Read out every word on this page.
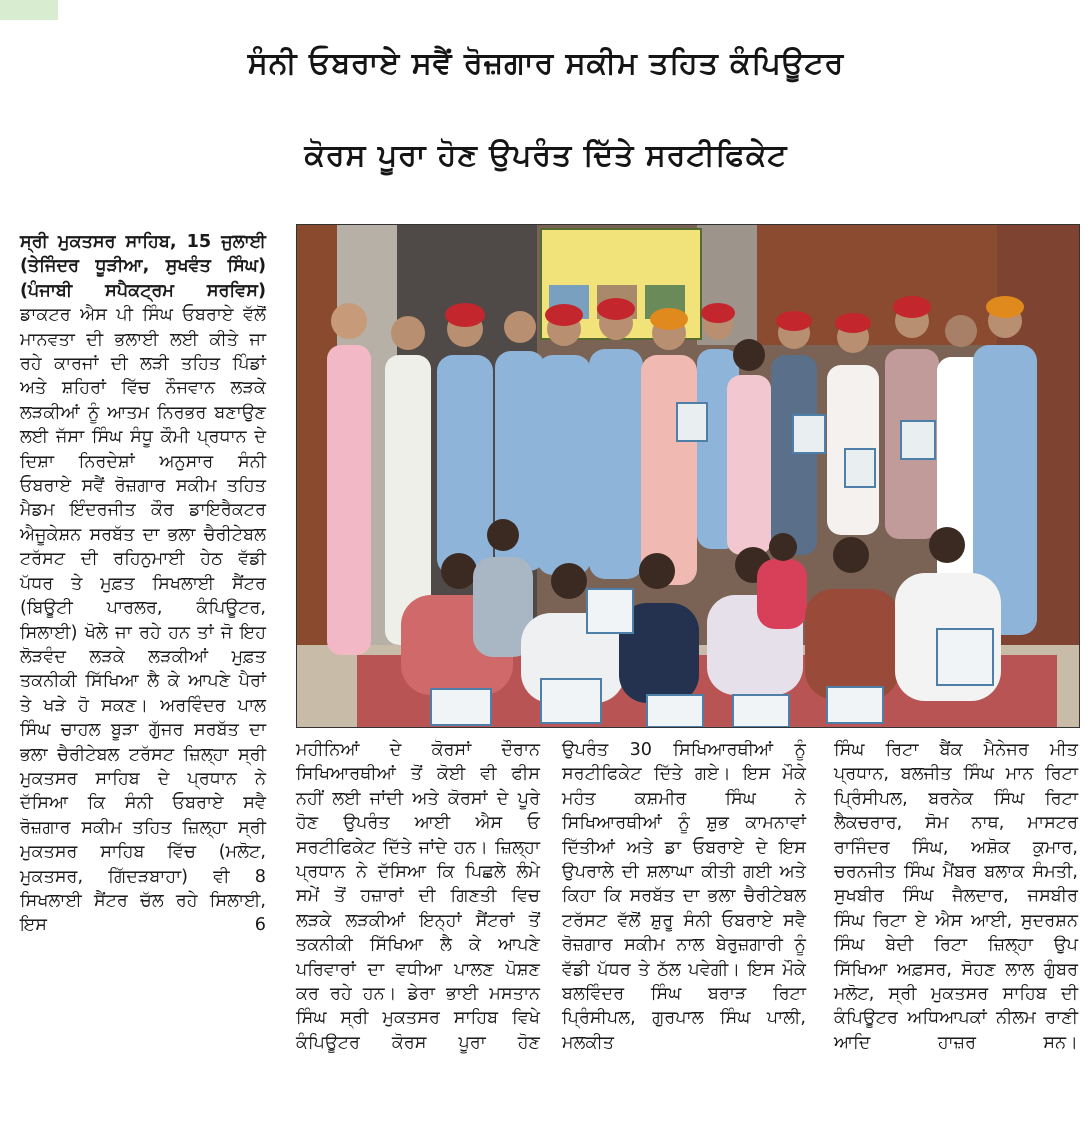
ਸੰਨੀ ਓਬਰਾਏ ਸਵੈਂ ਰੋਜ਼ਗਾਰ ਸਕੀਮ ਤਹਿਤ ਕੰਪਿਊਟਰ
ਕੋਰਸ ਪੂਰਾ ਹੋਣ ਉਪਰੰਤ ਦਿੱਤੇ ਸਰਟੀਫਿਕੇਟ
ਸ੍ਰੀ ਮੁਕਤਸਰ ਸਾਹਿਬ, 15 ਜੁਲਾਈ (ਤੇਜਿੰਦਰ ਧੂੜੀਆ, ਸੁਖਵੰਤ ਸਿੰਘ) (ਪੰਜਾਬੀ ਸਪੈਕਟ੍ਰਮ ਸਰਵਿਸ) ਡਾਕਟਰ ਐਸ ਪੀ ਸਿੰਘ ਓਬਰਾਏ ਵੱਲੋਂ ਮਾਨਵਤਾ ਦੀ ਭਲਾਈ ਲਈ ਕੀਤੇ ਜਾ ਰਹੇ ਕਾਰਜਾਂ ਦੀ ਲੜੀ ਤਹਿਤ ਪਿੰਡਾਂ ਅਤੇ ਸ਼ਹਿਰਾਂ ਵਿੱਚ ਨੌਜਵਾਨ ਲੜਕੇ ਲੜਕੀਆਂ ਨੂੰ ਆਤਮ ਨਿਰਭਰ ਬਣਾਉਣ ਲਈ ਜੱਸਾ ਸਿੰਘ ਸੰਧੂ ਕੌਮੀ ਪ੍ਰਧਾਨ ਦੇ ਦਿਸ਼ਾ ਨਿਰਦੇਸ਼ਾਂ ਅਨੁਸਾਰ ਸੰਨੀ ਓਬਰਾਏ ਸਵੈਂ ਰੋਜ਼ਗਾਰ ਸਕੀਮ ਤਹਿਤ ਮੈਡਮ ਇੰਦਰਜੀਤ ਕੌਰ ਡਾਇਰੈਕਟਰ ਐਜੂਕੇਸ਼ਨ ਸਰਬੱਤ ਦਾ ਭਲਾ ਚੈਰੀਟੇਬਲ ਟਰੱਸਟ ਦੀ ਰਹਿਨੁਮਾਈ ਹੇਠ ਵੱਡੀ ਪੱਧਰ ਤੇ ਮੁਫ਼ਤ ਸਿਖਲਾਈ ਸੈਂਟਰ (ਬਿਊਟੀ ਪਾਰਲਰ, ਕੰਪਿਊਟਰ, ਸਿਲਾਈ) ਖੋਲੇ ਜਾ ਰਹੇ ਹਨ ਤਾਂ ਜੋ ਇਹ ਲੋੜਵੰਦ ਲੜਕੇ ਲੜਕੀਆਂ ਮੁਫ਼ਤ ਤਕਨੀਕੀ ਸਿੱਖਿਆ ਲੈ ਕੇ ਆਪਣੇ ਪੈਰਾਂ ਤੇ ਖੜੇ ਹੋ ਸਕਣ। ਅਰਵਿੰਦਰ ਪਾਲ ਸਿੰਘ ਚਾਹਲ ਬੂੜਾ ਗੁੱਜਰ ਸਰਬੱਤ ਦਾ ਭਲਾ ਚੈਰੀਟੇਬਲ ਟਰੱਸਟ ਜ਼ਿਲ੍ਹਾ ਸ੍ਰੀ ਮੁਕਤਸਰ ਸਾਹਿਬ ਦੇ ਪ੍ਰਧਾਨ ਨੇ ਦੱਸਿਆ ਕਿ ਸੰਨੀ ਓਬਰਾਏ ਸਵੈ ਰੋਜ਼ਗਾਰ ਸਕੀਮ ਤਹਿਤ ਜ਼ਿਲ੍ਹਾ ਸ੍ਰੀ ਮੁਕਤਸਰ ਸਾਹਿਬ ਵਿੱਚ (ਮਲੋਟ, ਮੁਕਤਸਰ, ਗਿੱਦੜਬਾਹਾ) ਵੀ 8 ਸਿਖਲਾਈ ਸੈਂਟਰ ਚੱਲ ਰਹੇ ਸਿਲਾਈ, ਇਸ 6
ਮਹੀਨਿਆਂ ਦੇ ਕੋਰਸਾਂ ਦੌਰਾਨ ਸਿਖਿਆਰਥੀਆਂ ਤੋਂ ਕੋਈ ਵੀ ਫੀਸ ਨਹੀਂ ਲਈ ਜਾਂਦੀ ਅਤੇ ਕੋਰਸਾਂ ਦੇ ਪੂਰੇ ਹੋਣ ਉਪਰੰਤ ਆਈ ਐਸ ਓ ਸਰਟੀਫਿਕੇਟ ਦਿੱਤੇ ਜਾਂਦੇ ਹਨ। ਜ਼ਿਲ੍ਹਾ ਪ੍ਰਧਾਨ ਨੇ ਦੱਸਿਆ ਕਿ ਪਿਛਲੇ ਲੰਮੇ ਸਮੇਂ ਤੋਂ ਹਜ਼ਾਰਾਂ ਦੀ ਗਿਣਤੀ ਵਿਚ ਲੜਕੇ ਲੜਕੀਆਂ ਇਨ੍ਹਾਂ ਸੈਂਟਰਾਂ ਤੋਂ ਤਕਨੀਕੀ ਸਿੱਖਿਆ ਲੈ ਕੇ ਆਪਣੇ ਪਰਿਵਾਰਾਂ ਦਾ ਵਧੀਆ ਪਾਲਣ ਪੋਸ਼ਣ ਕਰ ਰਹੇ ਹਨ। ਡੇਰਾ ਭਾਈ ਮਸਤਾਨ ਸਿੰਘ ਸ੍ਰੀ ਮੁਕਤਸਰ ਸਾਹਿਬ ਵਿਖੇ ਕੰਪਿਊਟਰ ਕੋਰਸ ਪੂਰਾ ਹੋਣ
ਉਪਰੰਤ 30 ਸਿਖਿਆਰਥੀਆਂ ਨੂੰ ਸਰਟੀਫਿਕੇਟ ਦਿੱਤੇ ਗਏ। ਇਸ ਮੌਕੇ ਮਹੰਤ ਕਸ਼ਮੀਰ ਸਿੰਘ ਨੇ ਸਿਖਿਆਰਥੀਆਂ ਨੂੰ ਸ਼ੁਭ ਕਾਮਨਾਵਾਂ ਦਿੱਤੀਆਂ ਅਤੇ ਡਾ ਓਬਰਾਏ ਦੇ ਇਸ ਉਪਰਾਲੇ ਦੀ ਸ਼ਲਾਘਾ ਕੀਤੀ ਗਈ ਅਤੇ ਕਿਹਾ ਕਿ ਸਰਬੱਤ ਦਾ ਭਲਾ ਚੈਰੀਟੇਬਲ ਟਰੱਸਟ ਵੱਲੋਂ ਸ਼ੁਰੂ ਸੰਨੀ ਓਬਰਾਏ ਸਵੈ ਰੋਜ਼ਗਾਰ ਸਕੀਮ ਨਾਲ ਬੇਰੁਜ਼ਗਾਰੀ ਨੂੰ ਵੱਡੀ ਪੱਧਰ ਤੇ ਠੱਲ ਪਵੇਗੀ। ਇਸ ਮੌਕੇ ਬਲਵਿੰਦਰ ਸਿੰਘ ਬਰਾੜ ਰਿਟਾ ਪ੍ਰਿੰਸੀਪਲ, ਗੁਰਪਾਲ ਸਿੰਘ ਪਾਲੀ, ਮਲਕੀਤ
ਸਿੰਘ ਰਿਟਾ ਬੈਂਕ ਮੈਨੇਜਰ ਮੀਤ ਪ੍ਰਧਾਨ, ਬਲਜੀਤ ਸਿੰਘ ਮਾਨ ਰਿਟਾ ਪ੍ਰਿੰਸੀਪਲ, ਬਰਨੇਕ ਸਿੰਘ ਰਿਟਾ ਲੈਕਚਰਾਰ, ਸੋਮ ਨਾਥ, ਮਾਸਟਰ ਰਾਜਿੰਦਰ ਸਿੰਘ, ਅਸ਼ੋਕ ਕੁਮਾਰ, ਚਰਨਜੀਤ ਸਿੰਘ ਮੈਂਬਰ ਬਲਾਕ ਸੰਮਤੀ, ਸੁਖਬੀਰ ਸਿੰਘ ਜੈਲਦਾਰ, ਜਸਬੀਰ ਸਿੰਘ ਰਿਟਾ ਏ ਐਸ ਆਈ, ਸੁਦਰਸ਼ਨ ਸਿੰਘ ਬੇਦੀ ਰਿਟਾ ਜ਼ਿਲ੍ਹਾ ਉਪ ਸਿੱਖਿਆ ਅਫ਼ਸਰ, ਸੋਹਣ ਲਾਲ ਗੁੰਬਰ ਮਲੋਟ, ਸ੍ਰੀ ਮੁਕਤਸਰ ਸਾਹਿਬ ਦੀ ਕੰਪਿਊਟਰ ਅਧਿਆਪਕਾਂ ਨੀਲਮ ਰਾਣੀ ਆਦਿ ਹਾਜ਼ਰ ਸਨ।
